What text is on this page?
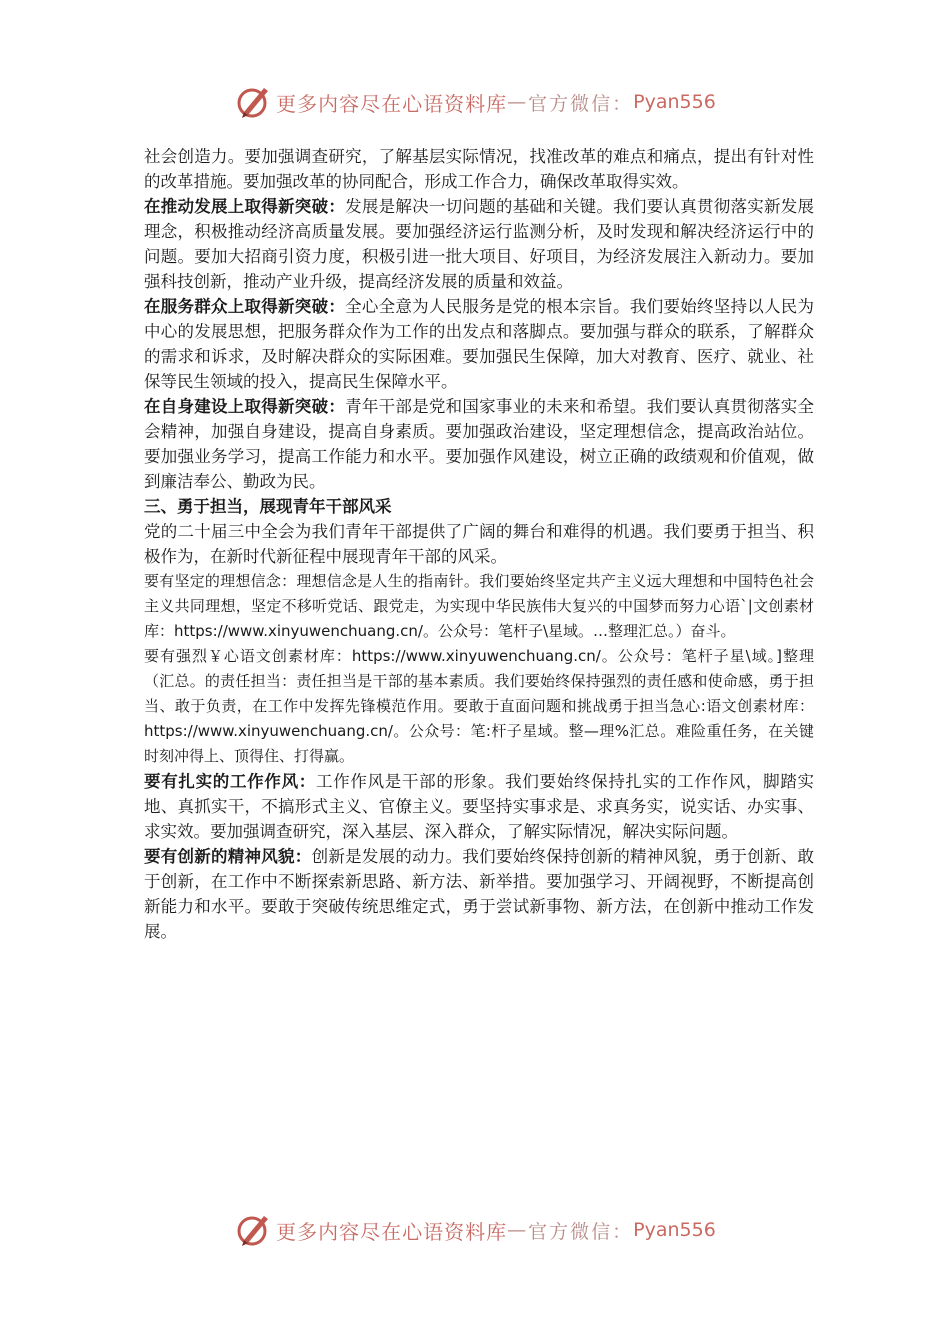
更多内容尽在心语资料库 — 官方微信： Pyan556

社会创造力。要加强调查研究，了解基层实际情况，找准改革的难点和痛点，提出有针对性的改革措施。要加强改革的协同配合，形成工作合力，确保改革取得实效。

在推动发展上取得新突破：发展是解决一切问题的基础和关键。我们要认真贯彻落实新发展理念，积极推动经济高质量发展。要加强经济运行监测分析，及时发现和解决经济运行中的问题。要加大招商引资力度，积极引进一批大项目、好项目，为经济发展注入新动力。要加强科技创新，推动产业升级，提高经济发展的质量和效益。

在服务群众上取得新突破：全心全意为人民服务是党的根本宗旨。我们要始终坚持以人民为中心的发展思想，把服务群众作为工作的出发点和落脚点。要加强与群众的联系，了解群众的需求和诉求，及时解决群众的实际困难。要加强民生保障，加大对教育、医疗、就业、社保等民生领域的投入，提高民生保障水平。

在自身建设上取得新突破：青年干部是党和国家事业的未来和希望。我们要认真贯彻落实全会精神，加强自身建设，提高自身素质。要加强政治建设，坚定理想信念，提高政治站位。要加强业务学习，提高工作能力和水平。要加强作风建设，树立正确的政绩观和价值观，做到廉洁奉公、勤政为民。

三、勇于担当，展现青年干部风采

党的二十届三中全会为我们青年干部提供了广阔的舞台和难得的机遇。我们要勇于担当、积极作为，在新时代新征程中展现青年干部的风采。

要有坚定的理想信念：理想信念是人生的指南针。我们要始终坚定共产主义远大理想和中国特色社会主义共同理想，坚定不移听党话、跟党走，为实现中华民族伟大复兴的中国梦而努力心语`|文创素材库：https://www.xinyuwenchuang.cn/。公众号：笔杆子\星域。…整理汇总。）奋斗。

要有强烈￥心语文创素材库：https://www.xinyuwenchuang.cn/。公众号：笔杆子星\域。]整理（汇总。的责任担当：责任担当是干部的基本素质。我们要始终保持强烈的责任感和使命感，勇于担当、敢于负责，在工作中发挥先锋模范作用。要敢于直面问题和挑战勇于担当急心:语文创素材库：https://www.xinyuwenchuang.cn/。公众号：笔:杆子星域。整—理%汇总。难险重任务，在关键时刻冲得上、顶得住、打得赢。

要有扎实的工作作风：工作作风是干部的形象。我们要始终保持扎实的工作作风，脚踏实地、真抓实干，不搞形式主义、官僚主义。要坚持实事求是、求真务实，说实话、办实事、求实效。要加强调查研究，深入基层、深入群众，了解实际情况，解决实际问题。

要有创新的精神风貌：创新是发展的动力。我们要始终保持创新的精神风貌，勇于创新、敢于创新，在工作中不断探索新思路、新方法、新举措。要加强学习、开阔视野，不断提高创新能力和水平。要敢于突破传统思维定式，勇于尝试新事物、新方法，在创新中推动工作发展。

更多内容尽在心语资料库 — 官方微信： Pyan556
